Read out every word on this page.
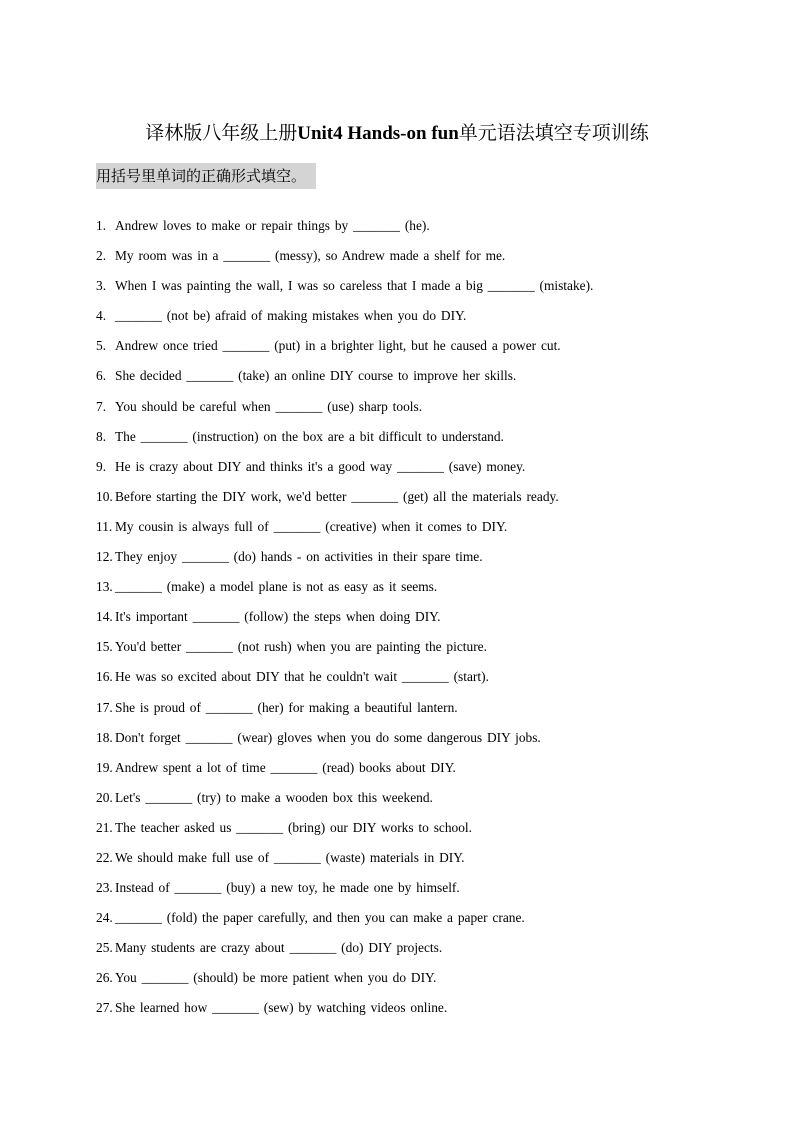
译林版八年级上册Unit4 Hands-on fun单元语法填空专项训练
用括号里单词的正确形式填空。
1. Andrew loves to make or repair things by _______ (he).
2. My room was in a _______ (messy), so Andrew made a shelf for me.
3. When I was painting the wall, I was so careless that I made a big _______ (mistake).
4. _______ (not be) afraid of making mistakes when you do DIY.
5. Andrew once tried _______ (put) in a brighter light, but he caused a power cut.
6. She decided _______ (take) an online DIY course to improve her skills.
7. You should be careful when _______ (use) sharp tools.
8. The _______ (instruction) on the box are a bit difficult to understand.
9. He is crazy about DIY and thinks it's a good way _______ (save) money.
10. Before starting the DIY work, we'd better _______ (get) all the materials ready.
11. My cousin is always full of _______ (creative) when it comes to DIY.
12. They enjoy _______ (do) hands - on activities in their spare time.
13. _______ (make) a model plane is not as easy as it seems.
14. It's important _______ (follow) the steps when doing DIY.
15. You'd better _______ (not rush) when you are painting the picture.
16. He was so excited about DIY that he couldn't wait _______ (start).
17. She is proud of _______ (her) for making a beautiful lantern.
18. Don't forget _______ (wear) gloves when you do some dangerous DIY jobs.
19. Andrew spent a lot of time _______ (read) books about DIY.
20. Let's _______ (try) to make a wooden box this weekend.
21. The teacher asked us _______ (bring) our DIY works to school.
22. We should make full use of _______ (waste) materials in DIY.
23. Instead of _______ (buy) a new toy, he made one by himself.
24. _______ (fold) the paper carefully, and then you can make a paper crane.
25. Many students are crazy about _______ (do) DIY projects.
26. You _______ (should) be more patient when you do DIY.
27. She learned how _______ (sew) by watching videos online.
